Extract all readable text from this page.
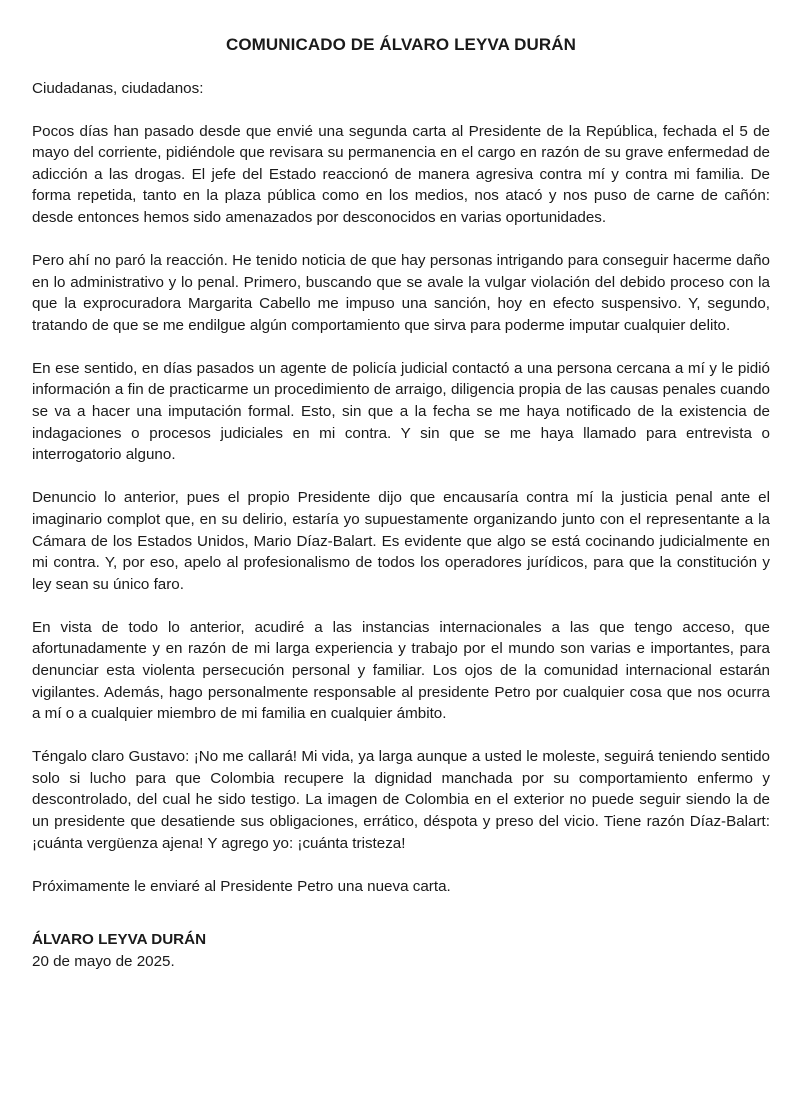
COMUNICADO DE ÁLVARO LEYVA DURÁN

Ciudadanas, ciudadanos:

Pocos días han pasado desde que envié una segunda carta al Presidente de la República, fechada el 5 de mayo del corriente, pidiéndole que revisara su permanencia en el cargo en razón de su grave enfermedad de adicción a las drogas. El jefe del Estado reaccionó de manera agresiva contra mí y contra mi familia. De forma repetida, tanto en la plaza pública como en los medios, nos atacó y nos puso de carne de cañón: desde entonces hemos sido amenazados por desconocidos en varias oportunidades.

Pero ahí no paró la reacción. He tenido noticia de que hay personas intrigando para conseguir hacerme daño en lo administrativo y lo penal. Primero, buscando que se avale la vulgar violación del debido proceso con la que la exprocuradora Margarita Cabello me impuso una sanción, hoy en efecto suspensivo. Y, segundo, tratando de que se me endilgue algún comportamiento que sirva para poderme imputar cualquier delito.

En ese sentido, en días pasados un agente de policía judicial contactó a una persona cercana a mí y le pidió información a fin de practicarme un procedimiento de arraigo, diligencia propia de las causas penales cuando se va a hacer una imputación formal. Esto, sin que a la fecha se me haya notificado de la existencia de indagaciones o procesos judiciales en mi contra. Y sin que se me haya llamado para entrevista o interrogatorio alguno.

Denuncio lo anterior, pues el propio Presidente dijo que encausaría contra mí la justicia penal ante el imaginario complot que, en su delirio, estaría yo supuestamente organizando junto con el representante a la Cámara de los Estados Unidos, Mario Díaz-Balart. Es evidente que algo se está cocinando judicialmente en mi contra. Y, por eso, apelo al profesionalismo de todos los operadores jurídicos, para que la constitución y ley sean su único faro.

En vista de todo lo anterior, acudiré a las instancias internacionales a las que tengo acceso, que afortunadamente y en razón de mi larga experiencia y trabajo por el mundo son varias e importantes, para denunciar esta violenta persecución personal y familiar. Los ojos de la comunidad internacional estarán vigilantes. Además, hago personalmente responsable al presidente Petro por cualquier cosa que nos ocurra a mí o a cualquier miembro de mi familia en cualquier ámbito.

Téngalo claro Gustavo: ¡No me callará! Mi vida, ya larga aunque a usted le moleste, seguirá teniendo sentido solo si lucho para que Colombia recupere la dignidad manchada por su comportamiento enfermo y descontrolado, del cual he sido testigo. La imagen de Colombia en el exterior no puede seguir siendo la de un presidente que desatiende sus obligaciones, errático, déspota y preso del vicio. Tiene razón Díaz-Balart: ¡cuánta vergüenza ajena! Y agrego yo: ¡cuánta tristeza!

Próximamente le enviaré al Presidente Petro una nueva carta.

ÁLVARO LEYVA DURÁN
20 de mayo de 2025.
